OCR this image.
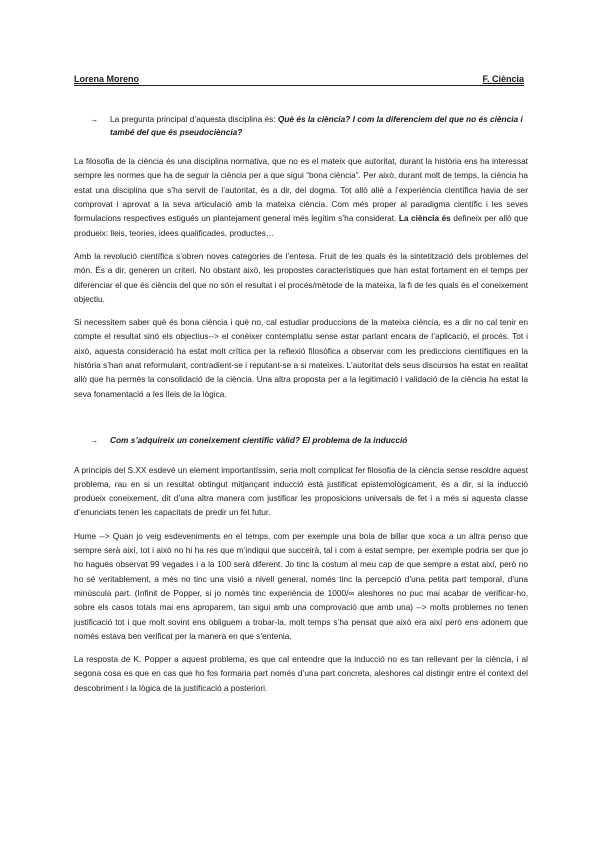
Lorena Moreno	F. Ciència
→ La pregunta principal d’aquesta disciplina és: Què és la ciència? I com la diferenciem del que no és ciència i també del que és pseudociència?

La filosofia de la ciència és una disciplina normativa, que no es el mateix que autoritat, durant la història ens ha interessat sempre les normes que ha de seguir la ciència per a que sigui “bona ciència”. Per això, durant molt de temps, la ciència ha estat una disciplina que s’ha servit de l’autoritat, és a dir, del dogma. Tot allò aliè a l’experiència científica havia de ser comprovat i aprovat a la seva articulació amb la mateixa ciència. Com més proper al paradigma científic i les seves formulacions respectives estigués un plantejament general més legítim s’ha considerat. La ciència és defineix per allò que produeix: lleis, teories, idees qualificades, productes…

Amb la revolució científica s’obren noves categories de l’entesa. Fruit de les quals és la sintetització dels problemes del món. És a dir, generen un criteri. No obstant això, les propostes característiques que han estat fortament en el temps per diferenciar el que és ciència del que no són el resultat i el procés/mètode de la mateixa, la fi de les quals és el coneixement objectiu.

Si necessitem saber què és bona ciència i què no, cal estudiar produccions de la mateixa ciència, es a dir no cal tenir en compte el resultat sinó els objectius--> el conèixer contemplatiu sense estar parlant encara de l’aplicació, el procés. Tot i això, aquesta consideració ha estat molt crítica per la reflexió filosòfica a observar com les prediccions científiques en la història s’han anat reformulant, contradient-se i reputant-se a si mateixes. L’autoritat dels seus discursos ha estat en realitat allò que ha permès la consolidació de la ciència. Una altra proposta per a la legitimació i validació de la ciència ha estat la seva fonamentació a les lleis de la lògica.

→ Com s’adquireix un coneixement científic vàlid? El problema de la inducció

A principis del S.XX esdevé un element importantíssim, seria molt complicat fer filosofia de la ciència sense resoldre aquest problema, rau en si un resultat obtingut mitjançant inducció està justificat epistemològicament, és a dir, si la inducció produeix coneixement, dit d’una altra manera com justificar les proposicions universals de fet i a més si aquesta classe d’enunciats tenen les capacitats de predir un fet futur.

Hume --> Quan jo veig esdeveniments en el temps, com per exemple una bola de billar que xoca a un altra penso que sempre serà així, tot i això no hi ha res que m’indiqui que succeirà, tal i com a estat sempre, per exemple podria ser que jo ho hagués observat 99 vegades i a la 100 serà diferent. Jo tinc la costum al meu cap de que sempre a estat així, però no ho sé veritablement, a més no tinc una visió a nivell general, només tinc la percepció d’una petita part temporal, d’una minúscula part. (Infinit de Popper, si jo només tinc experiència de 1000/∞ aleshores no puc mai acabar de verificar-ho, sobre els casos totals mai ens apropare​m, tan sigui amb una comprovació que amb una) --> molts problemes no tenen justificació tot i que molt sovint ens obliguem a trobar-la, molt temps s’ha pensat que això era així però ens adonem que només estava ben verificat per la manera en que s’entenia.

La resposta de K. Popper a aquest problema, es que cal entendre que la inducció no es tan rellevant per la ciència, i al segona cosa es que en cas que ho fos formaria part només d’una part concreta, aleshores cal distingir entre el context del descobriment i la lògica de la justificació a posteriori.
